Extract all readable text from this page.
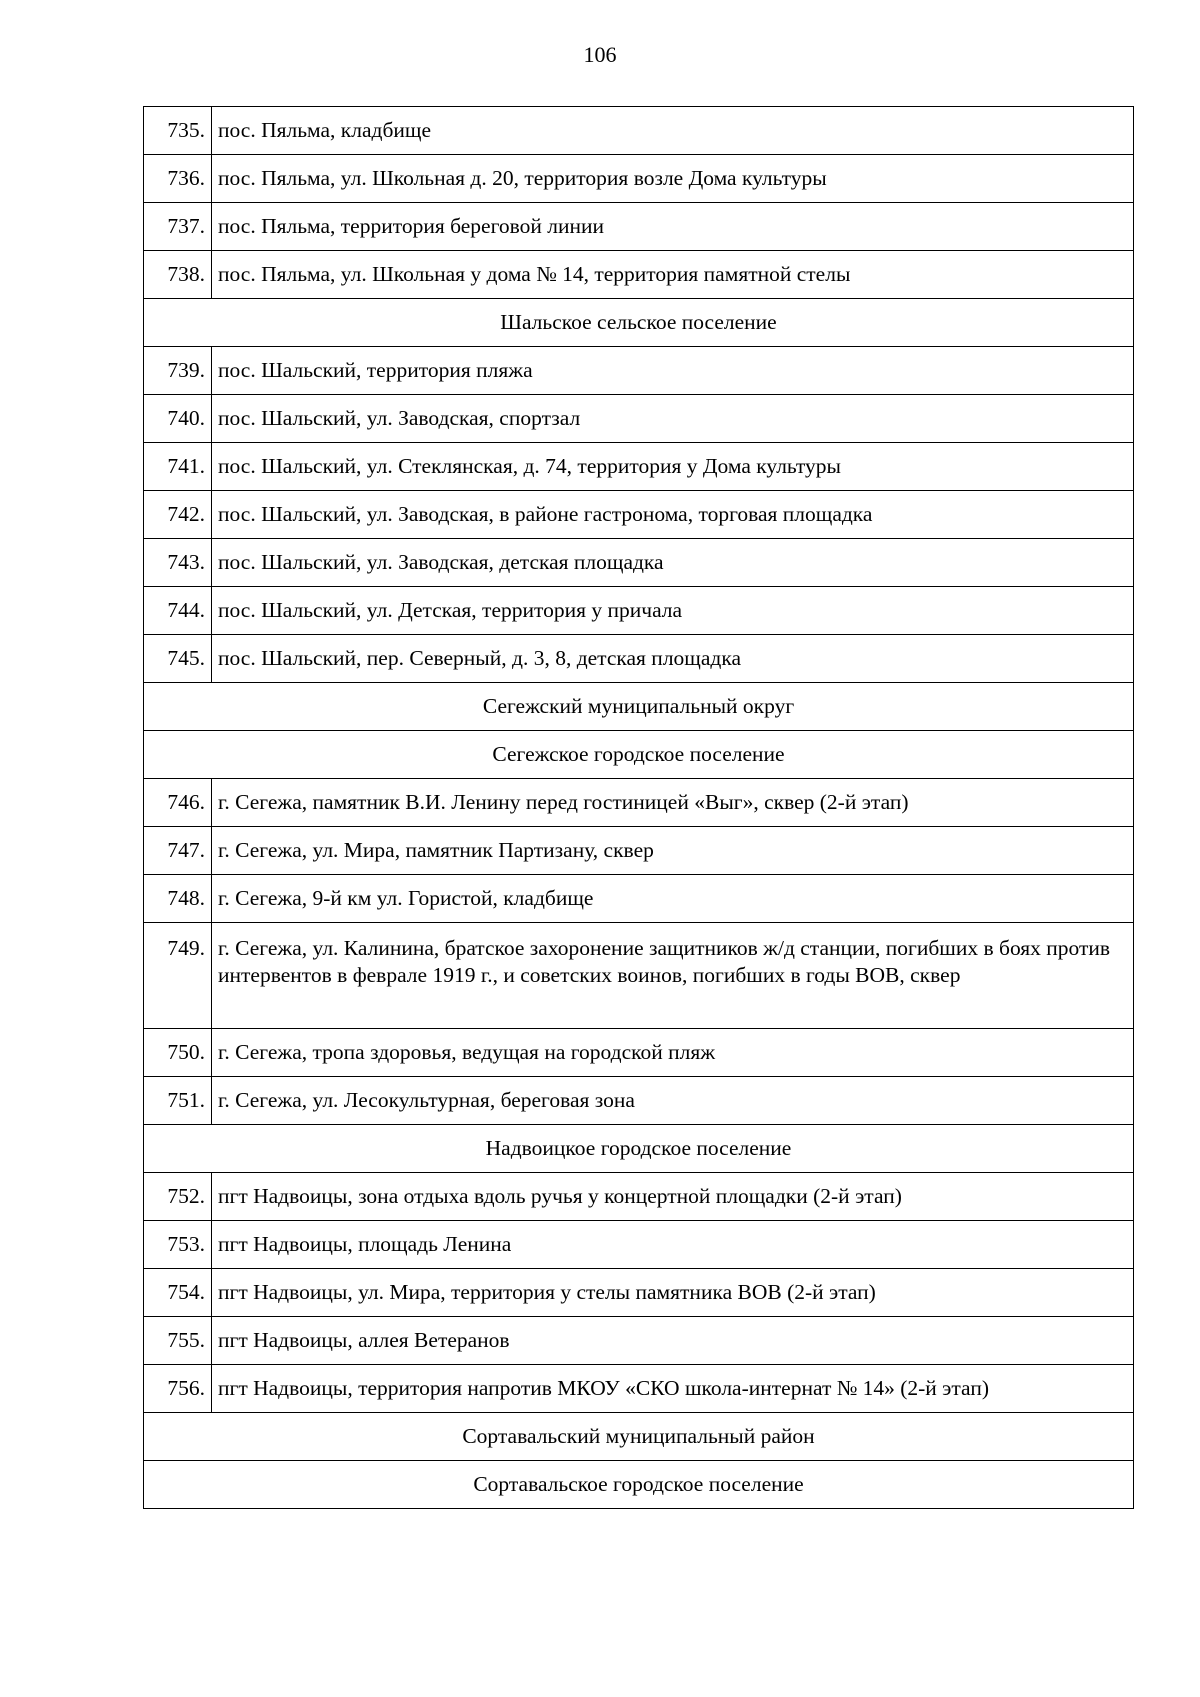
106
735.	пос. Пяльма, кладбище
736.	пос. Пяльма, ул. Школьная д. 20, территория возле Дома культуры
737.	пос. Пяльма, территория береговой линии
738.	пос. Пяльма, ул. Школьная у дома № 14, территория памятной стелы
Шальское сельское поселение	
739.	пос. Шальский, территория пляжа
740.	пос. Шальский, ул. Заводская, спортзал
741.	пос. Шальский, ул. Стеклянская, д. 74, территория у Дома культуры
742.	пос. Шальский, ул. Заводская, в районе гастронома, торговая площадка
743.	пос. Шальский, ул. Заводская, детская площадка
744.	пос. Шальский, ул. Детская, территория у причала
745.	пос. Шальский, пер. Северный, д. 3, 8, детская площадка
Сегежский муниципальный округ	
Сегежское городское поселение	
746.	г. Сегежа, памятник В.И. Ленину перед гостиницей «Выг», сквер (2-й этап)
747.	г. Сегежа, ул. Мира, памятник Партизану, сквер
748.	г. Сегежа, 9-й км ул. Гористой, кладбище
749.	г. Сегежа, ул. Калинина, братское захоронение защитников ж/д станции, погибших в боях против интервентов в феврале 1919 г., и советских воинов, погибших в годы ВОВ, сквер
750.	г. Сегежа, тропа здоровья, ведущая на городской пляж
751.	г. Сегежа, ул. Лесокультурная, береговая зона
Надвоицкое городское поселение	
752.	пгт Надвоицы, зона отдыха вдоль ручья у концертной площадки (2-й этап)
753.	пгт Надвоицы, площадь Ленина
754.	пгт Надвоицы, ул. Мира, территория у стелы памятника ВОВ (2-й этап)
755.	пгт Надвоицы, аллея Ветеранов
756.	пгт Надвоицы, территория напротив МКОУ «СКО школа-интернат № 14» (2-й этап)
Сортавальский муниципальный район	
Сортавальское городское поселение	
